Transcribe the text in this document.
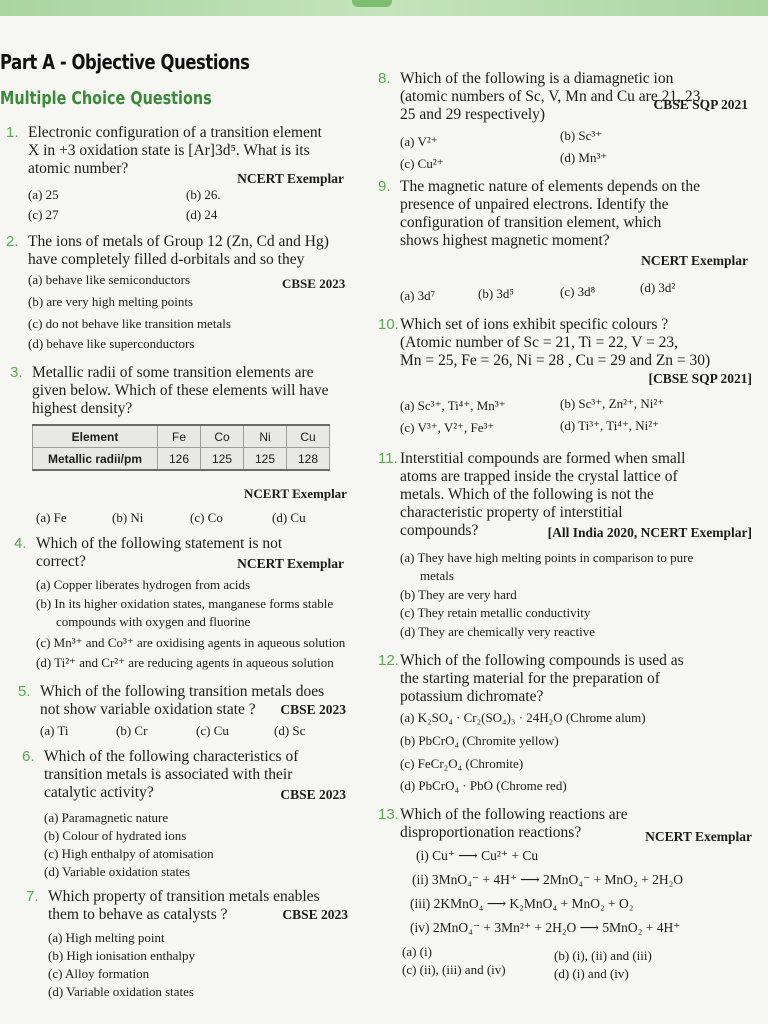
Part A - Objective Questions
Multiple Choice Questions
1. Electronic configuration of a transition element
X in +3 oxidation state is [Ar]3d⁵. What is its
atomic number?
NCERT Exemplar
(a) 25	(b) 26.
(c) 27	(d) 24
2. The ions of metals of Group 12 (Zn, Cd and Hg)
have completely filled d-orbitals and so they
(a) behave like semiconductors	CBSE 2023
(b) are very high melting points
(c) do not behave like transition metals
(d) behave like superconductors
3. Metallic radii of some transition elements are
given below. Which of these elements will have
highest density?
Element	Fe	Co	Ni	Cu
Metallic radii/pm	126	125	125	128
NCERT Exemplar
(a) Fe	(b) Ni	(c) Co	(d) Cu
4. Which of the following statement is not
correct?	NCERT Exemplar
(a) Copper liberates hydrogen from acids
(b) In its higher oxidation states, manganese forms stable
compounds with oxygen and fluorine
(c) Mn³⁺ and Co³⁺ are oxidising agents in aqueous solution
(d) Ti²⁺ and Cr²⁺ are reducing agents in aqueous solution
5. Which of the following transition metals does
not show variable oxidation state ?	CBSE 2023
(a) Ti	(b) Cr	(c) Cu	(d) Sc
6. Which of the following characteristics of
transition metals is associated with their
catalytic activity?	CBSE 2023
(a) Paramagnetic nature
(b) Colour of hydrated ions
(c) High enthalpy of atomisation
(d) Variable oxidation states
7. Which property of transition metals enables
them to behave as catalysts ?	CBSE 2023
(a) High melting point
(b) High ionisation enthalpy
(c) Alloy formation
(d) Variable oxidation states
8. Which of the following is a diamagnetic ion
(atomic numbers of Sc, V, Mn and Cu are 21, 23,
25 and 29 respectively)
CBSE SQP 2021
(a) V²⁺	(b) Sc³⁺
(c) Cu²⁺	(d) Mn³⁺
9. The magnetic nature of elements depends on the
presence of unpaired electrons. Identify the
configuration of transition element, which
shows highest magnetic moment?
NCERT Exemplar
(a) 3d⁷	(b) 3d⁵	(c) 3d⁸	(d) 3d²
10. Which set of ions exhibit specific colours ?
(Atomic number of Sc = 21, Ti = 22, V = 23,
Mn = 25, Fe = 26, Ni = 28 , Cu = 29 and Zn = 30)
[CBSE SQP 2021]
(a) Sc³⁺, Ti⁴⁺, Mn³⁺	(b) Sc³⁺, Zn²⁺, Ni²⁺
(c) V³⁺, V²⁺, Fe³⁺	(d) Ti³⁺, Ti⁴⁺, Ni²⁺
11. Interstitial compounds are formed when small
atoms are trapped inside the crystal lattice of
metals. Which of the following is not the
characteristic property of interstitial
compounds?	[All India 2020, NCERT Exemplar]
(a) They have high melting points in comparison to pure
metals
(b) They are very hard
(c) They retain metallic conductivity
(d) They are chemically very reactive
12. Which of the following compounds is used as
the starting material for the preparation of
potassium dichromate?
(a) K₂SO₄ · Cr₂(SO₄)₃ · 24H₂O (Chrome alum)
(b) PbCrO₄ (Chromite yellow)
(c) FeCr₂O₄ (Chromite)
(d) PbCrO₄ · PbO (Chrome red)
13. Which of the following reactions are
disproportionation reactions?	NCERT Exemplar
(i) Cu⁺ ⟶ Cu²⁺ + Cu
(ii) 3MnO₄⁻ + 4H⁺ ⟶ 2MnO₄⁻ + MnO₂ + 2H₂O
(iii) 2KMnO₄ ⟶ K₂MnO₄ + MnO₂ + O₂
(iv) 2MnO₄⁻ + 3Mn²⁺ + 2H₂O ⟶ 5MnO₂ + 4H⁺
(a) (i)	(b) (i), (ii) and (iii)
(c) (ii), (iii) and (iv)	(d) (i) and (iv)
